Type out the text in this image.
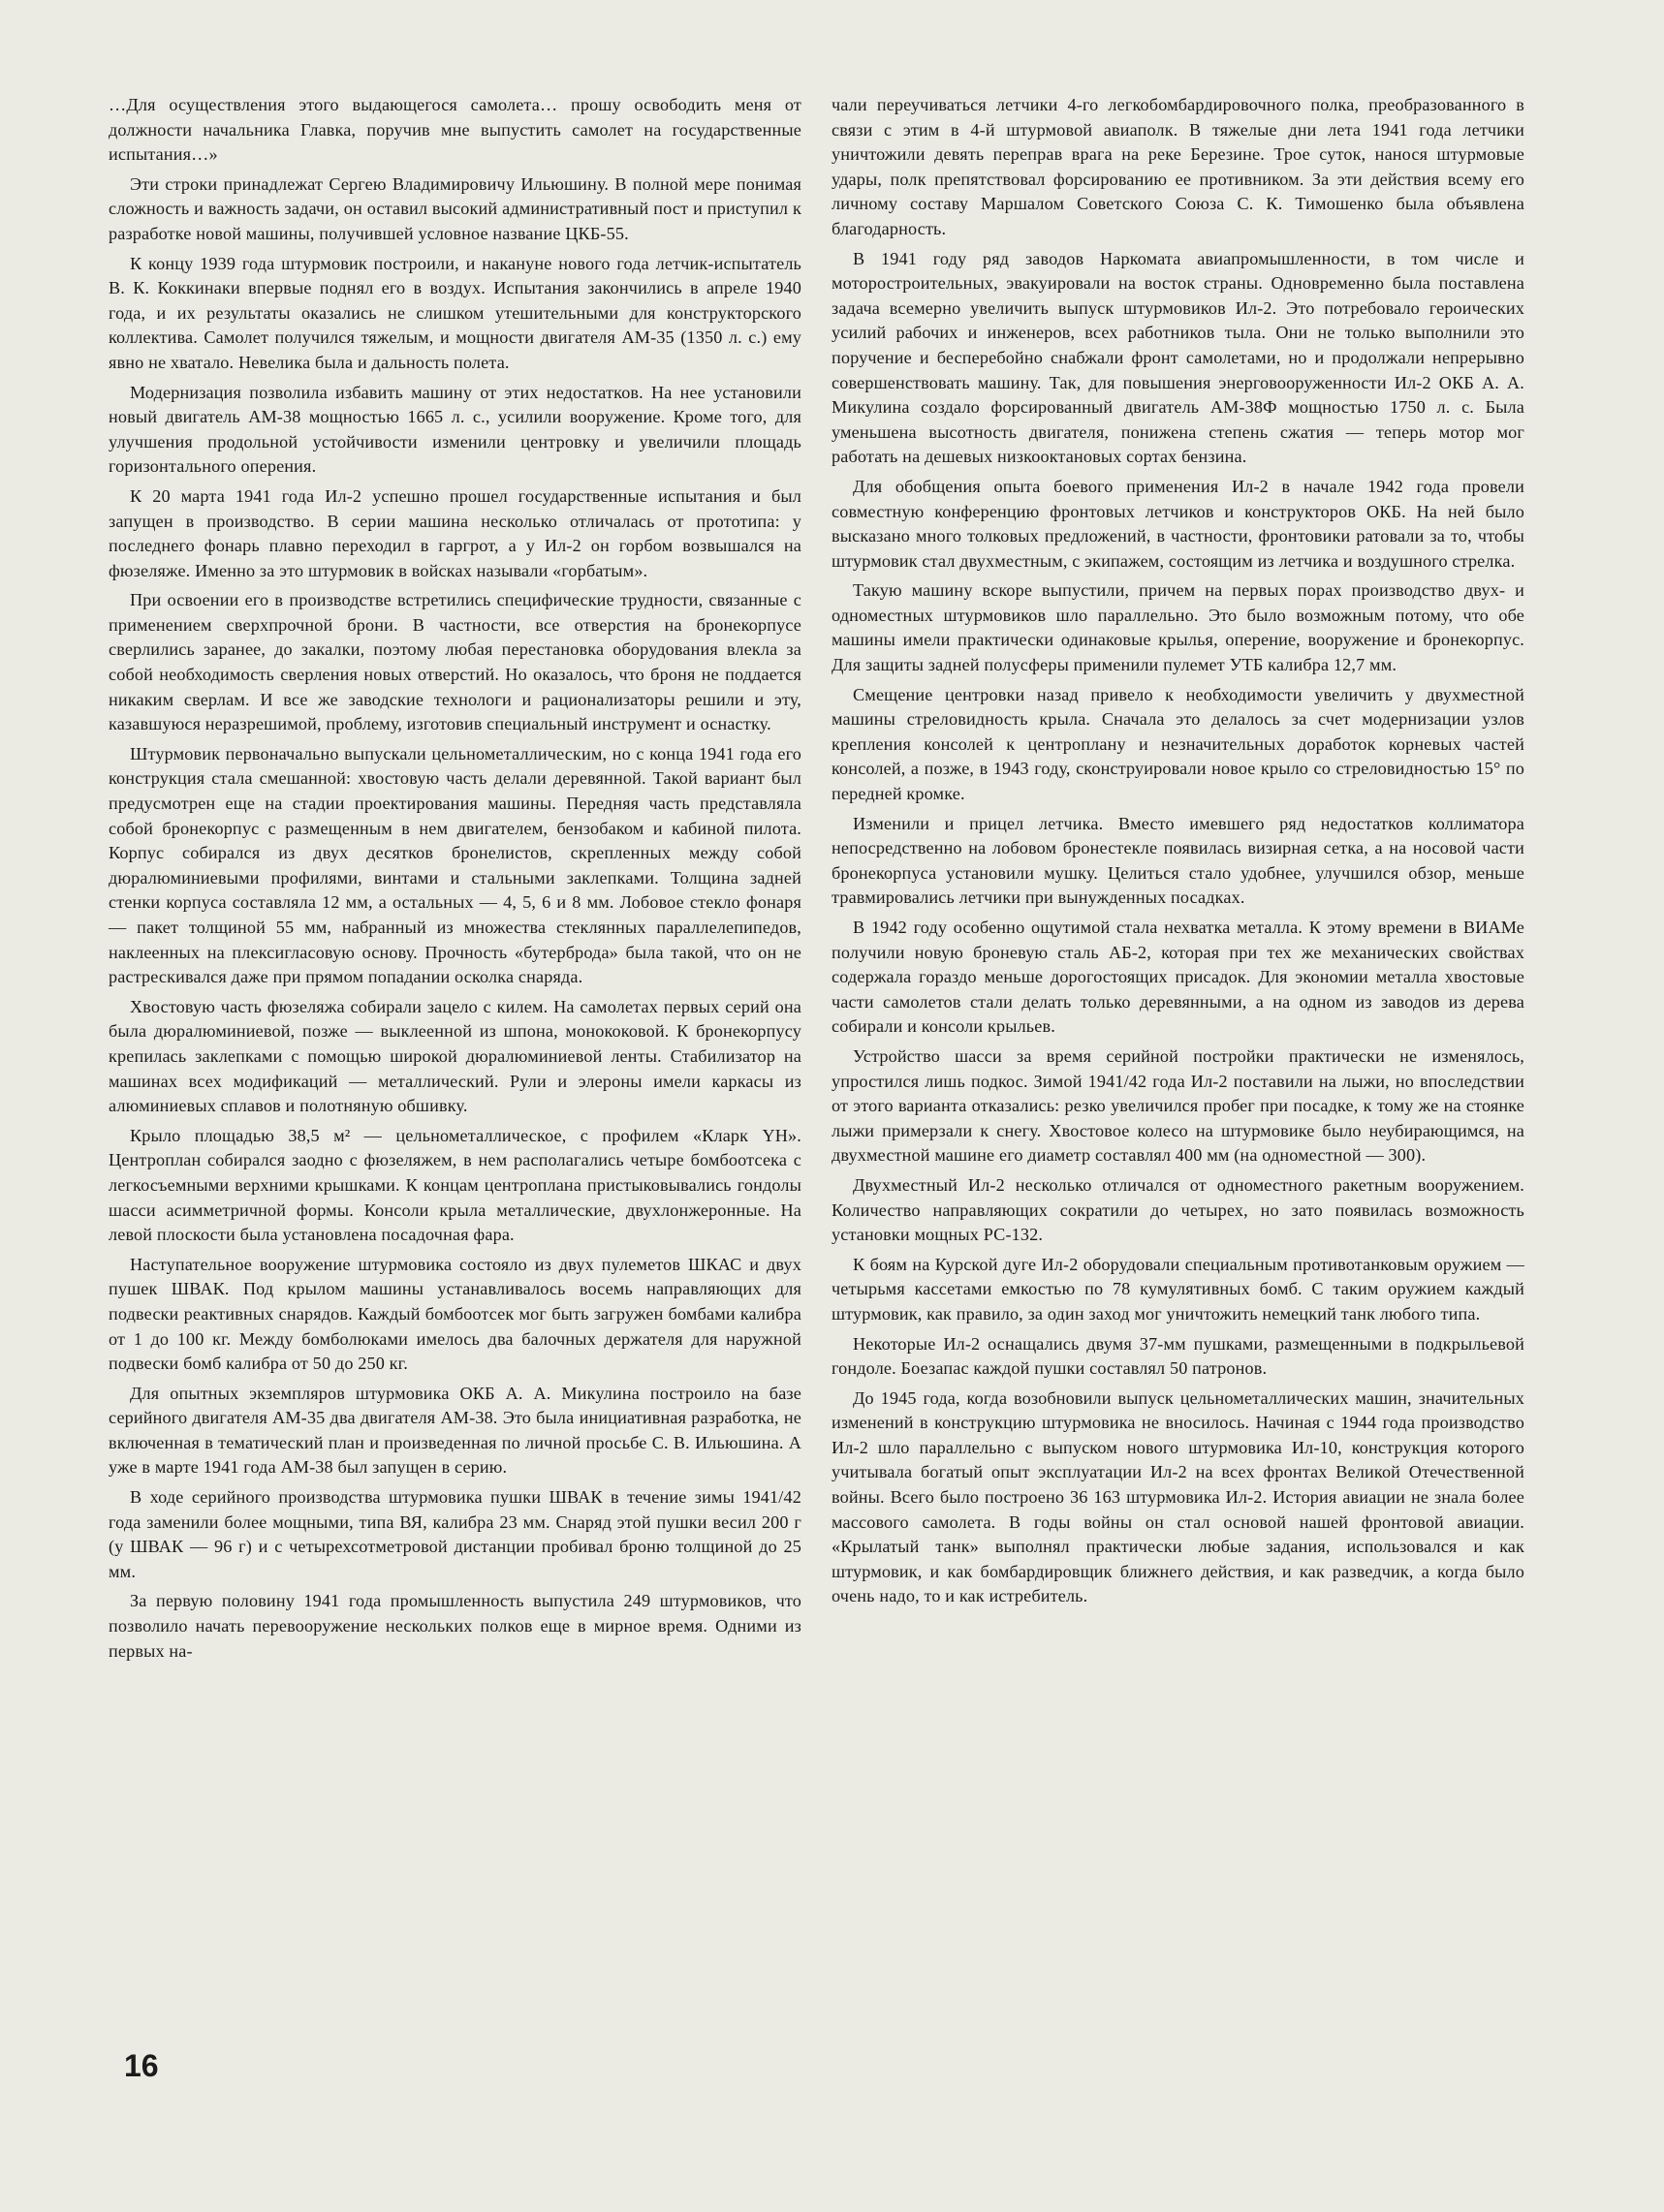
…Для осуществления этого выдающегося самолета… прошу освободить меня от должности начальника Главка, поручив мне выпустить самолет на государственные испытания…»

Эти строки принадлежат Сергею Владимировичу Ильюшину. В полной мере понимая сложность и важность задачи, он оставил высокий административный пост и приступил к разработке новой машины, получившей условное название ЦКБ-55.

К концу 1939 года штурмовик построили, и накануне нового года летчик-испытатель В. К. Коккинаки впервые поднял его в воздух. Испытания закончились в апреле 1940 года, и их результаты оказались не слишком утешительными для конструкторского коллектива. Самолет получился тяжелым, и мощности двигателя АМ-35 (1350 л. с.) ему явно не хватало. Невелика была и дальность полета.

Модернизация позволила избавить машину от этих недостатков. На нее установили новый двигатель АМ-38 мощностью 1665 л. с., усилили вооружение. Кроме того, для улучшения продольной устойчивости изменили центровку и увеличили площадь горизонтального оперения.

К 20 марта 1941 года Ил-2 успешно прошел государственные испытания и был запущен в производство. В серии машина несколько отличалась от прототипа: у последнего фонарь плавно переходил в гаргрот, а у Ил-2 он горбом возвышался на фюзеляже. Именно за это штурмовик в войсках называли «горбатым».

При освоении его в производстве встретились специфические трудности, связанные с применением сверхпрочной брони. В частности, все отверстия на бронекорпусе сверлились заранее, до закалки, поэтому любая перестановка оборудования влекла за собой необходимость сверления новых отверстий. Но оказалось, что броня не поддается никаким сверлам. И все же заводские технологи и рационализаторы решили и эту, казавшуюся неразрешимой, проблему, изготовив специальный инструмент и оснастку.

Штурмовик первоначально выпускали цельнометаллическим, но с конца 1941 года его конструкция стала смешанной: хвостовую часть делали деревянной. Такой вариант был предусмотрен еще на стадии проектирования машины. Передняя часть представляла собой бронекорпус с размещенным в нем двигателем, бензобаком и кабиной пилота. Корпус собирался из двух десятков бронелистов, скрепленных между собой дюралюминиевыми профилями, винтами и стальными заклепками. Толщина задней стенки корпуса составляла 12 мм, а остальных — 4, 5, 6 и 8 мм. Лобовое стекло фонаря — пакет толщиной 55 мм, набранный из множества стеклянных параллелепипедов, наклеенных на плексигласовую основу. Прочность «бутерброда» была такой, что он не растрескивался даже при прямом попадании осколка снаряда.

Хвостовую часть фюзеляжа собирали зацело с килем. На самолетах первых серий она была дюралюминиевой, позже — выклеенной из шпона, монококовой. К бронекорпусу крепилась заклепками с помощью широкой дюралюминиевой ленты. Стабилизатор на машинах всех модификаций — металлический. Рули и элероны имели каркасы из алюминиевых сплавов и полотняную обшивку.

Крыло площадью 38,5 м² — цельнометаллическое, с профилем «Кларк YH». Центроплан собирался заодно с фюзеляжем, в нем располагались четыре бомбоотсека с легкосъемными верхними крышками. К концам центроплана пристыковывались гондолы шасси асимметричной формы. Консоли крыла металлические, двухлонжеронные. На левой плоскости была установлена посадочная фара.

Наступательное вооружение штурмовика состояло из двух пулеметов ШКАС и двух пушек ШВАК. Под крылом машины устанавливалось восемь направляющих для подвески реактивных снарядов. Каждый бомбоотсек мог быть загружен бомбами калибра от 1 до 100 кг. Между бомболюками имелось два балочных держателя для наружной подвески бомб калибра от 50 до 250 кг.

Для опытных экземпляров штурмовика ОКБ А. А. Микулина построило на базе серийного двигателя АМ-35 два двигателя АМ-38. Это была инициативная разработка, не включенная в тематический план и произведенная по личной просьбе С. В. Ильюшина. А уже в марте 1941 года АМ-38 был запущен в серию.

В ходе серийного производства штурмовика пушки ШВАК в течение зимы 1941/42 года заменили более мощными, типа ВЯ, калибра 23 мм. Снаряд этой пушки весил 200 г (у ШВАК — 96 г) и с четырехсотметровой дистанции пробивал броню толщиной до 25 мм.

За первую половину 1941 года промышленность выпустила 249 штурмовиков, что позволило начать перевооружение нескольких полков еще в мирное время. Одними из первых на-

чали переучиваться летчики 4-го легкобомбардировочного полка, преобразованного в связи с этим в 4-й штурмовой авиаполк. В тяжелые дни лета 1941 года летчики уничтожили девять переправ врага на реке Березине. Трое суток, нанося штурмовые удары, полк препятствовал форсированию ее противником. За эти действия всему его личному составу Маршалом Советского Союза С. К. Тимошенко была объявлена благодарность.

В 1941 году ряд заводов Наркомата авиапромышленности, в том числе и моторостроительных, эвакуировали на восток страны. Одновременно была поставлена задача всемерно увеличить выпуск штурмовиков Ил-2. Это потребовало героических усилий рабочих и инженеров, всех работников тыла. Они не только выполнили это поручение и бесперебойно снабжали фронт самолетами, но и продолжали непрерывно совершенствовать машину. Так, для повышения энерговооруженности Ил-2 ОКБ А. А. Микулина создало форсированный двигатель АМ-38Ф мощностью 1750 л. с. Была уменьшена высотность двигателя, понижена степень сжатия — теперь мотор мог работать на дешевых низкооктановых сортах бензина.

Для обобщения опыта боевого применения Ил-2 в начале 1942 года провели совместную конференцию фронтовых летчиков и конструкторов ОКБ. На ней было высказано много толковых предложений, в частности, фронтовики ратовали за то, чтобы штурмовик стал двухместным, с экипажем, состоящим из летчика и воздушного стрелка.

Такую машину вскоре выпустили, причем на первых порах производство двух- и одноместных штурмовиков шло параллельно. Это было возможным потому, что обе машины имели практически одинаковые крылья, оперение, вооружение и бронекорпус. Для защиты задней полусферы применили пулемет УТБ калибра 12,7 мм.

Смещение центровки назад привело к необходимости увеличить у двухместной машины стреловидность крыла. Сначала это делалось за счет модернизации узлов крепления консолей к центроплану и незначительных доработок корневых частей консолей, а позже, в 1943 году, сконструировали новое крыло со стреловидностью 15° по передней кромке.

Изменили и прицел летчика. Вместо имевшего ряд недостатков коллиматора непосредственно на лобовом бронестекле появилась визирная сетка, а на носовой части бронекорпуса установили мушку. Целиться стало удобнее, улучшился обзор, меньше травмировались летчики при вынужденных посадках.

В 1942 году особенно ощутимой стала нехватка металла. К этому времени в ВИАМе получили новую броневую сталь АБ-2, которая при тех же механических свойствах содержала гораздо меньше дорогостоящих присадок. Для экономии металла хвостовые части самолетов стали делать только деревянными, а на одном из заводов из дерева собирали и консоли крыльев.

Устройство шасси за время серийной постройки практически не изменялось, упростился лишь подкос. Зимой 1941/42 года Ил-2 поставили на лыжи, но впоследствии от этого варианта отказались: резко увеличился пробег при посадке, к тому же на стоянке лыжи примерзали к снегу. Хвостовое колесо на штурмовике было неубирающимся, на двухместной машине его диаметр составлял 400 мм (на одноместной — 300).

Двухместный Ил-2 несколько отличался от одноместного ракетным вооружением. Количество направляющих сократили до четырех, но зато появилась возможность установки мощных РС-132.

К боям на Курской дуге Ил-2 оборудовали специальным противотанковым оружием — четырьмя кассетами емкостью по 78 кумулятивных бомб. С таким оружием каждый штурмовик, как правило, за один заход мог уничтожить немецкий танк любого типа.

Некоторые Ил-2 оснащались двумя 37-мм пушками, размещенными в подкрыльевой гондоле. Боезапас каждой пушки составлял 50 патронов.

До 1945 года, когда возобновили выпуск цельнометаллических машин, значительных изменений в конструкцию штурмовика не вносилось. Начиная с 1944 года производство Ил-2 шло параллельно с выпуском нового штурмовика Ил-10, конструкция которого учитывала богатый опыт эксплуатации Ил-2 на всех фронтах Великой Отечественной войны. Всего было построено 36 163 штурмовика Ил-2. История авиации не знала более массового самолета. В годы войны он стал основой нашей фронтовой авиации. «Крылатый танк» выполнял практически любые задания, использовался и как штурмовик, и как бомбардировщик ближнего действия, и как разведчик, а когда было очень надо, то и как истребитель.

16
